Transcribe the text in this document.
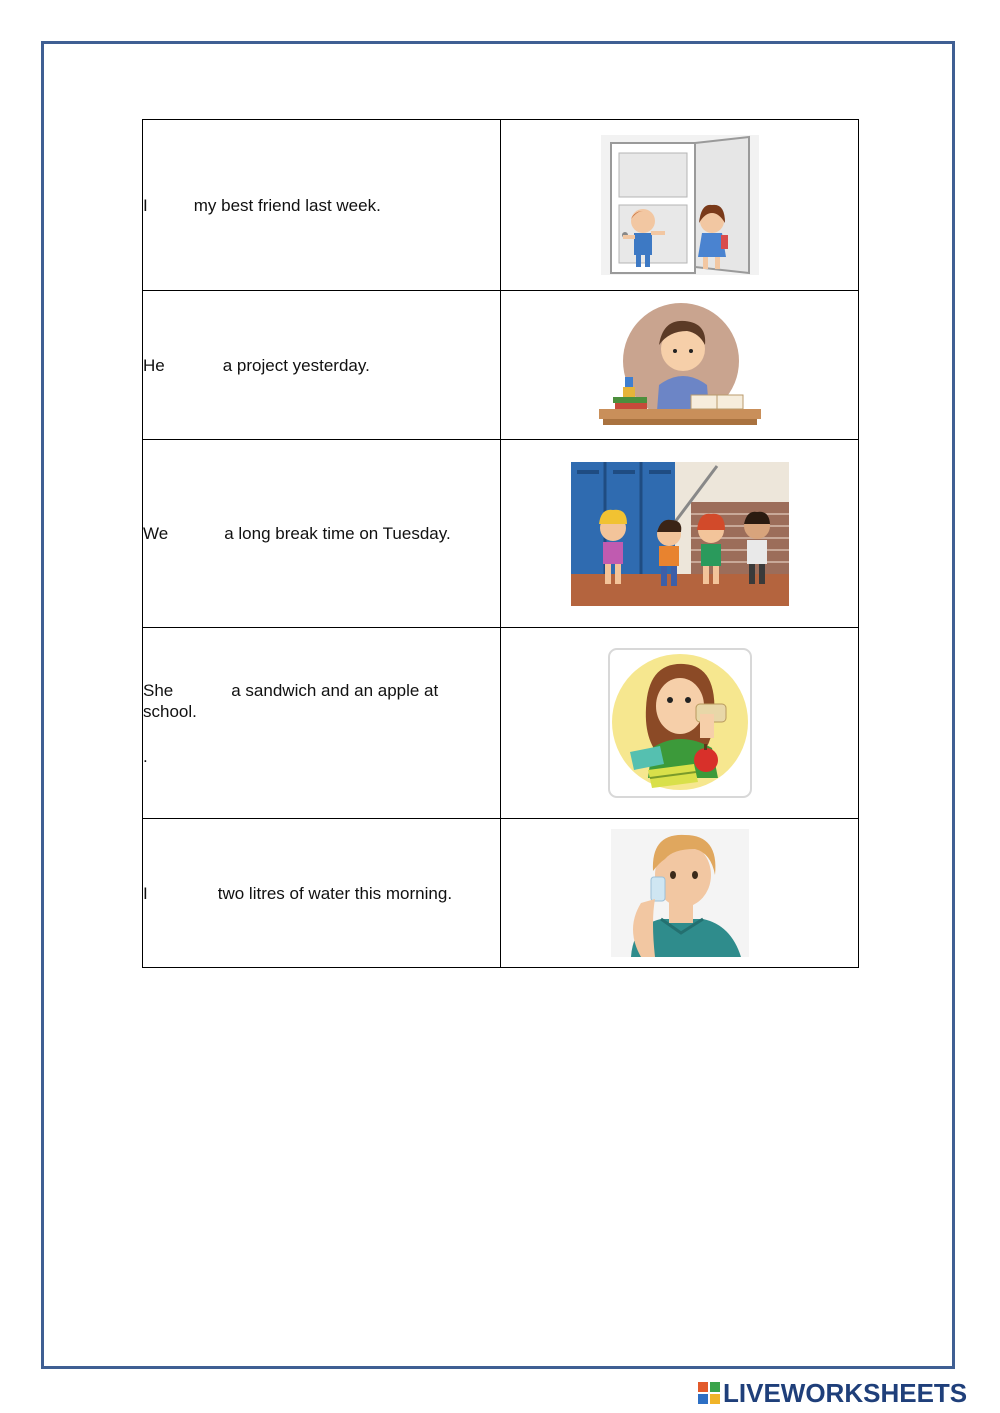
I my best friend last week.	

He a project yesterday.	

We a long break time on Tuesday.	

She a sandwich and an apple at
school.
.

I two litres of water this morning.	
LIVEWORKSHEETS
